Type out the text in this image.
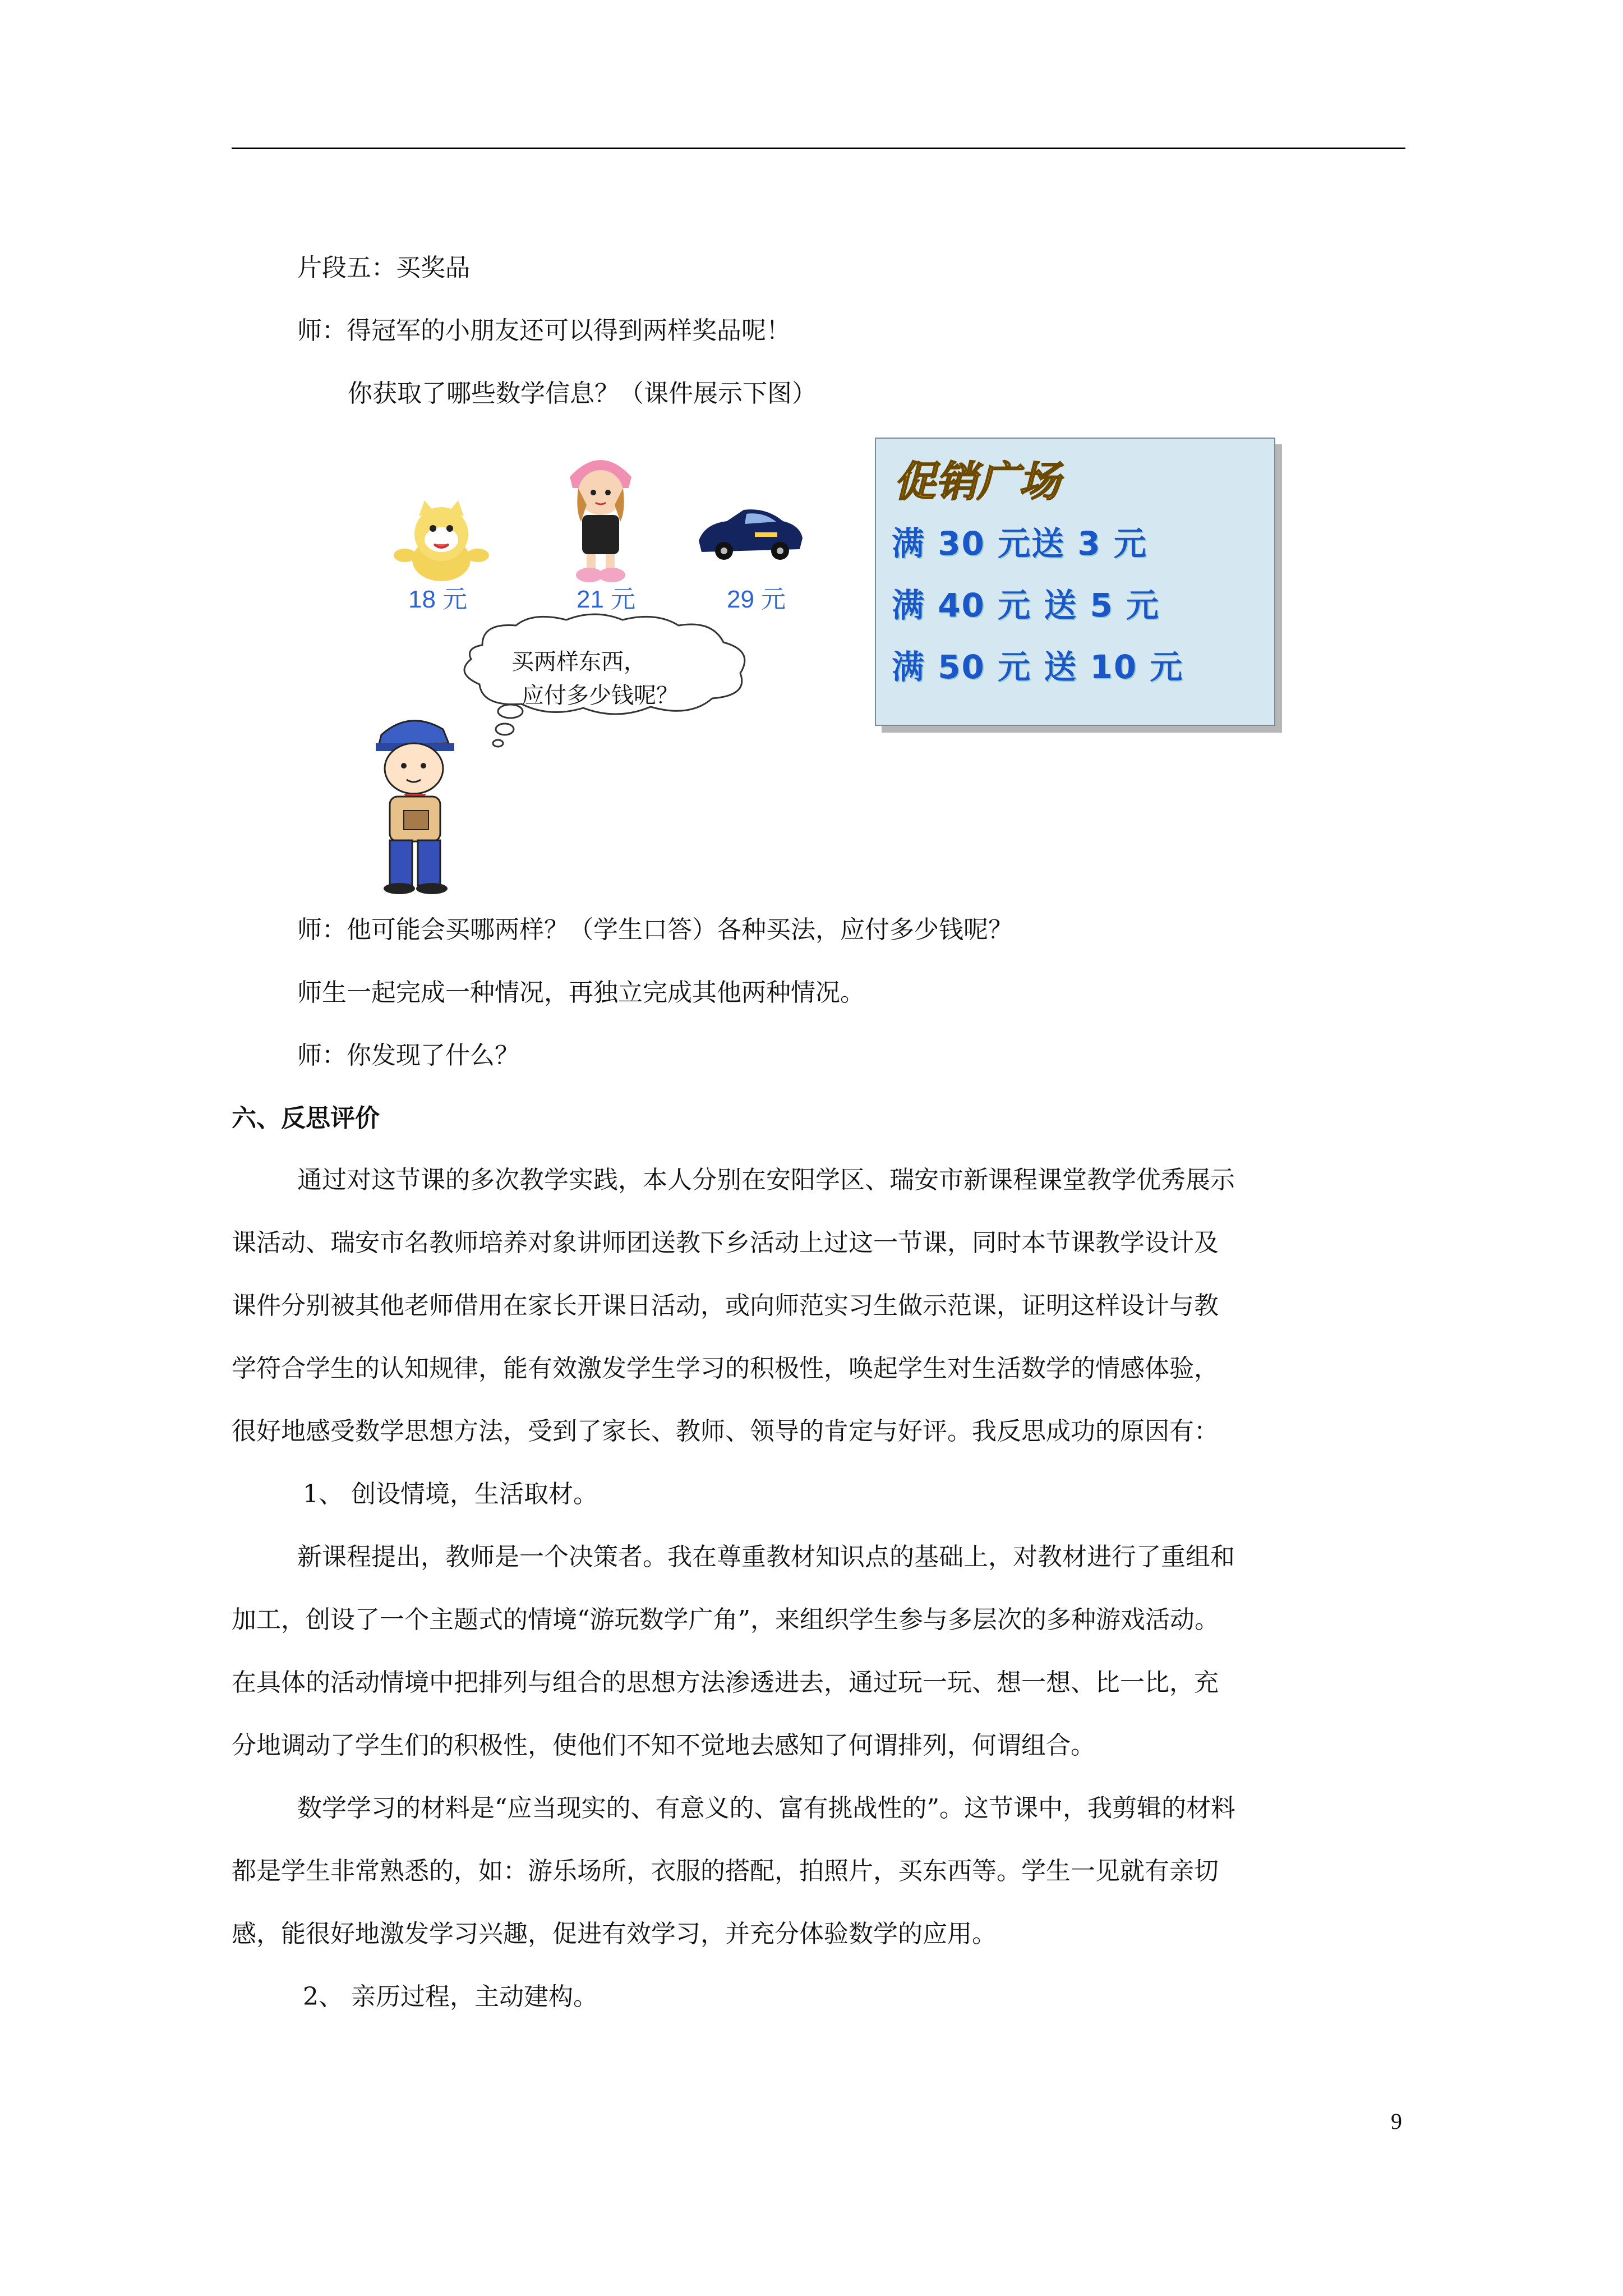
片段五：买奖品
师：得冠军的小朋友还可以得到两样奖品呢！
你获取了哪些数学信息？（课件展示下图）
18 元	21 元	29 元
促销广场
满 30 元送 3 元
满 40 元 送 5 元
满 50 元 送 10 元
买两样东西，
应付多少钱呢？
师：他可能会买哪两样？（学生口答）各种买法，应付多少钱呢？
师生一起完成一种情况，再独立完成其他两种情况。
师：你发现了什么？
六、反思评价
通过对这节课的多次教学实践，本人分别在安阳学区、瑞安市新课程课堂教学优秀展示
课活动、瑞安市名教师培养对象讲师团送教下乡活动上过这一节课，同时本节课教学设计及
课件分别被其他老师借用在家长开课日活动，或向师范实习生做示范课，证明这样设计与教
学符合学生的认知规律，能有效激发学生学习的积极性，唤起学生对生活数学的情感体验，
很好地感受数学思想方法，受到了家长、教师、领导的肯定与好评。我反思成功的原因有：
1、 创设情境，生活取材。
新课程提出，教师是一个决策者。我在尊重教材知识点的基础上，对教材进行了重组和
加工，创设了一个主题式的情境“游玩数学广角”，来组织学生参与多层次的多种游戏活动。
在具体的活动情境中把排列与组合的思想方法渗透进去，通过玩一玩、想一想、比一比，充
分地调动了学生们的积极性，使他们不知不觉地去感知了何谓排列，何谓组合。
数学学习的材料是“应当现实的、有意义的、富有挑战性的”。这节课中，我剪辑的材料
都是学生非常熟悉的，如：游乐场所，衣服的搭配，拍照片，买东西等。学生一见就有亲切
感，能很好地激发学习兴趣，促进有效学习，并充分体验数学的应用。
2、 亲历过程，主动建构。
9
